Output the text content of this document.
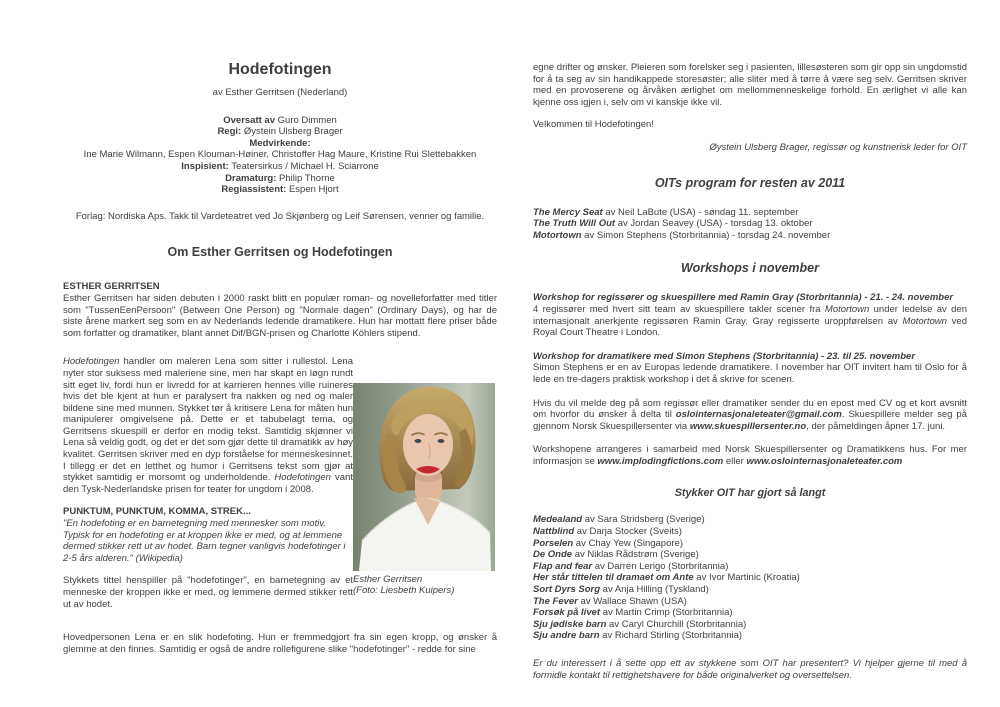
Hodefotingen
av Esther Gerritsen (Nederland)
Oversatt av Guro Dimmen
Regi: Øystein Ulsberg Brager
Medvirkende:
Ine Marie Wilmann, Espen Klouman-Høiner, Christoffer Hag Maure, Kristine Rui Slettebakken
Inspisient: Teatersirkus / Michael H. Sciarrone
Dramaturg: Philip Thorne
Regiassistent: Espen Hjort
Forlag: Nordiska Aps. Takk til Vardeteatret ved Jo Skjønberg og Leif Sørensen, venner og familie.
Om Esther Gerritsen og Hodefotingen
ESTHER GERRITSEN
Esther Gerritsen har siden debuten i 2000 raskt blitt en populær roman- og novelleforfatter med titler som "TussenEenPersoon" (Between One Person) og "Normale dagen" (Ordinary Days), og har de siste årene markert seg som en av Nederlands ledende dramatikere. Hun har mottatt flere priser både som forfatter og dramatiker, blant annet Dif/BGN-prisen og Charlotte Köhlers stipend.
Hodefotingen handler om maleren Lena som sitter i rullestol. Lena nyter stor suksess med maleriene sine, men har skapt en løgn rundt sitt eget liv, fordi hun er livredd for at karrieren hennes ville ruineres hvis det ble kjent at hun er paralysert fra nakken og ned og maler bildene sine med munnen. Stykket tør å kritisere Lena for måten hun manipulerer omgivelsene på. Dette er et tabubelagt tema, og Gerritsens skuespill er derfor en modig tekst. Samtidig skjønner vi Lena så veldig godt, og det er det som gjør dette til dramatikk av høy kvalitet. Gerritsen skriver med en dyp forståelse for menneskesinnet. I tillegg er det en letthet og humor i Gerritsens tekst som gjør at stykket samtidig er morsomt og underholdende. Hodefotingen vant den Tysk-Nederlandske prisen for teater for ungdom i 2008.
PUNKTUM, PUNKTUM, KOMMA, STREK...
"En hodefoting er en barnetegning med mennesker som motiv. Typisk for en hodefoting er at kroppen ikke er med, og at lemmene dermed stikker rett ut av hodet. Barn tegner vanligvis hodefotinger i 2-5 års alderen." (Wikipedia)
Stykkets tittel henspiller på "hodefotinger", en barnetegning av et menneske der kroppen ikke er med, og lemmene dermed stikker rett ut av hodet.
Esther Gerritsen
(Foto: Liesbeth Kuipers)
Hovedpersonen Lena er en slik hodefoting. Hun er fremmedgjort fra sin egen kropp, og ønsker å glemme at den finnes. Samtidig er også de andre rollefigurene slike "hodefotinger" - redde for sine
egne drifter og ønsker. Pleieren som forelsker seg i pasienten, lillesøsteren som gir opp sin ungdomstid for å ta seg av sin handikappede storesøster; alle sliter med å tørre å være seg selv. Gerritsen skriver med en provoserene og årvåken ærlighet om mellommenneskelige forhold. En ærlighet vi alle kan kjenne oss igjen i, selv om vi kanskje ikke vil.
Velkommen til Hodefotingen!
Øystein Ulsberg Brager, regissør og kunstnerisk leder for OIT
OITs program for resten av 2011
The Mercy Seat av Neil LaBute (USA) - søndag 11. september
The Truth Will Out av Jordan Seavey (USA) - torsdag 13. oktober
Motortown av Simon Stephens (Storbritannia) - torsdag 24. november
Workshops i november
Workshop for regissører og skuespillere med Ramin Gray (Storbritannia) - 21. - 24. november
4 regissører med hvert sitt team av skuespillere takler scener fra Motortown under ledelse av den internasjonalt anerkjente regissøren Ramin Gray. Gray regisserte uroppførelsen av Motortown ved Royal Court Theatre i London.
Workshop for dramatikere med Simon Stephens (Storbritannia) - 23. til 25. november
Simon Stephens er en av Europas ledende dramatikere. I november har OIT invitert ham til Oslo for å lede en tre-dagers praktisk workshop i det å skrive for scenen.
Hvis du vil melde deg på som regissør eller dramatiker sender du en epost med CV og et kort avsnitt om hvorfor du ønsker å delta til oslointernasjonaleteater@gmail.com. Skuespillere melder seg på gjennom Norsk Skuespillersenter via www.skuespillersenter.no, der påmeldingen åpner 17. juni.
Workshopene arrangeres i samarbeid med Norsk Skuespillersenter og Dramatikkens hus. For mer informasjon se www.implodingfictions.com eller www.oslointernasjonaleteater.com
Stykker OIT har gjort så langt
Medealand av Sara Stridsberg (Sverige)
Nattblind av Darja Stocker (Sveits)
Porselen av Chay Yew (Singapore)
De Onde av Niklas Rådstrøm (Sverige)
Flap and fear av Darren Lerigo (Storbritannia)
Her står tittelen til dramaet om Ante av Ivor Martinic (Kroatia)
Sort Dyrs Sorg av Anja Hilling (Tyskland)
The Fever av Wallace Shawn (USA)
Forsøk på livet av Martin Crimp (Storbritannia)
Sju jødiske barn av Caryl Churchill (Storbritannia)
Sju andre barn av Richard Stirling (Storbritannia)
Er du interessert i å sette opp ett av stykkene som OIT har presentert? Vi hjelper gjerne til med å formidle kontakt til rettighetshavere for både originalverket og oversettelsen.
